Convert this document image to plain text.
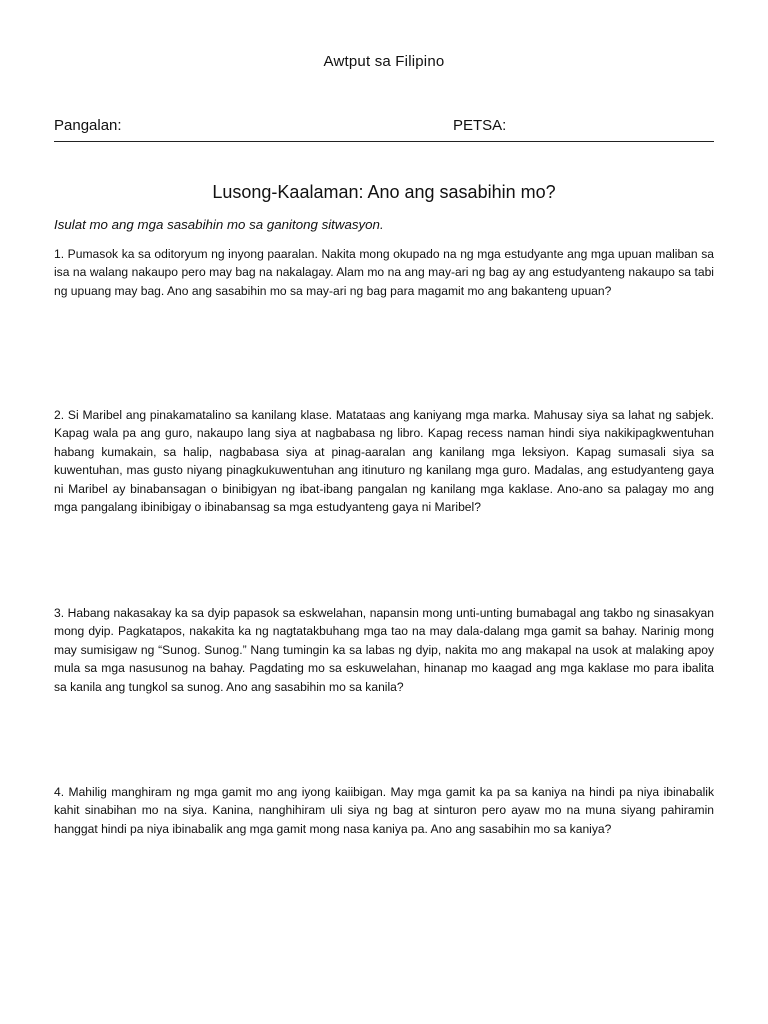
Awtput sa Filipino
Pangalan:	PETSA:
Lusong-Kaalaman: Ano ang sasabihin mo?
Isulat mo ang mga sasabihin mo sa ganitong sitwasyon.
1. Pumasok ka sa oditoryum ng inyong paaralan. Nakita mong okupado na ng mga estudyante ang mga upuan maliban sa isa na walang nakaupo pero may bag na nakalagay. Alam mo na ang may-ari ng bag ay ang estudyanteng nakaupo sa tabi ng upuang may bag. Ano ang sasabihin mo sa may-ari ng bag para magamit mo ang bakanteng upuan?
2. Si Maribel ang pinakamatalino sa kanilang klase. Matataas ang kaniyang mga marka. Mahusay siya sa lahat ng sabjek. Kapag wala pa ang guro, nakaupo lang siya at nagbabasa ng libro. Kapag recess naman hindi siya nakikipagkwentuhan habang kumakain, sa halip, nagbabasa siya at pinag-aaralan ang kanilang mga leksiyon. Kapag sumasali siya sa kuwentuhan, mas gusto niyang pinagkukuwentuhan ang itinuturo ng kanilang mga guro. Madalas, ang estudyanteng gaya ni Maribel ay binabansagan o binibigyan ng ibat-ibang pangalan ng kanilang mga kaklase. Ano-ano sa palagay mo ang mga pangalang ibinibigay o ibinabansag sa mga estudyanteng gaya ni Maribel?
3. Habang nakasakay ka sa dyip papasok sa eskwelahan, napansin mong unti-unting bumabagal ang takbo ng sinasakyan mong dyip. Pagkatapos, nakakita ka ng nagtatakbuhang mga tao na may dala-dalang mga gamit sa bahay. Narinig mong may sumisigaw ng “Sunog. Sunog.” Nang tumingin ka sa labas ng dyip, nakita mo ang makapal na usok at malaking apoy mula sa mga nasusunog na bahay. Pagdating mo sa eskuwelahan, hinanap mo kaagad ang mga kaklase mo para ibalita sa kanila ang tungkol sa sunog. Ano ang sasabihin mo sa kanila?
4. Mahilig manghiram ng mga gamit mo ang iyong kaiibigan. May mga gamit ka pa sa kaniya na hindi pa niya ibinabalik kahit sinabihan mo na siya. Kanina, nanghihiram uli siya ng bag at sinturon pero ayaw mo na muna siyang pahiramin hanggat hindi pa niya ibinabalik ang mga gamit mong nasa kaniya pa. Ano ang sasabihin mo sa kaniya?
